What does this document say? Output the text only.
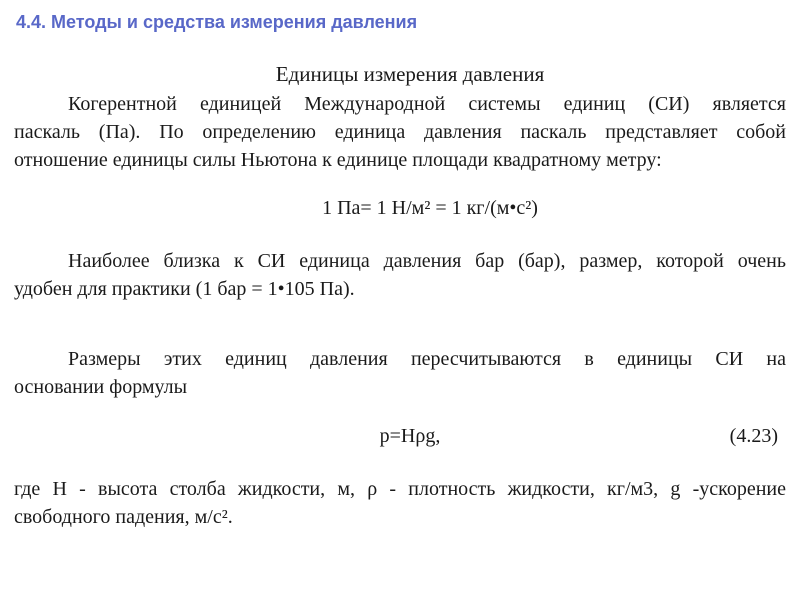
4.4. Методы и средства измерения давления
Единицы измерения давления
Когерентной единицей Международной системы единиц (СИ) является
паскаль (Па). По определению единица давления паскаль представляет собой
отношение единицы силы Ньютона к единице площади квадратному метру:
1 Па= 1 Н/м² = 1 кг/(м•с²)
Наиболее близка к СИ единица давления бар (бар), размер, которой очень
удобен для практики (1 бар = 1•105 Па).
Размеры этих единиц давления пересчитываются в единицы СИ на
основании формулы
p=Hρg,	(4.23)
где H - высота столба жидкости, м, ρ - плотность жидкости, кг/м3, g -ускорение
свободного падения, м/с².
